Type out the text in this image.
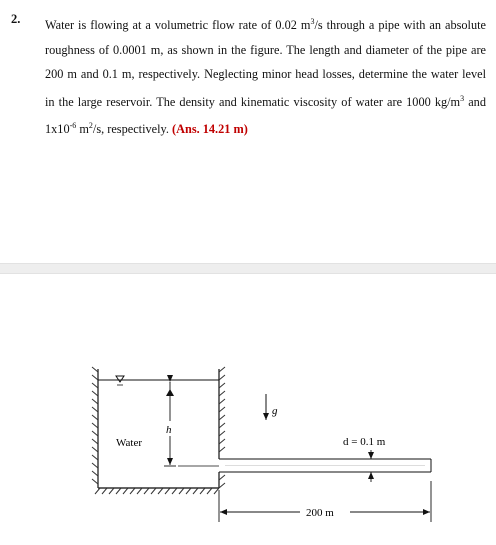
2. Water is flowing at a volumetric flow rate of 0.02 $m^3/s$ through a pipe with an absolute roughness of 0.0001 m, as shown in the figure. The length and diameter of the pipe are 200 m and 0.1 m, respectively. Neglecting minor head losses, determine the water level in the large reservoir. The density and kinematic viscosity of water are 1000 $kg/m^3$ and $1x10^{-6}$ $m^2/s$, respectively. (Ans. 14.21 m)
Water
h
g
d = 0.1 m
200 m
